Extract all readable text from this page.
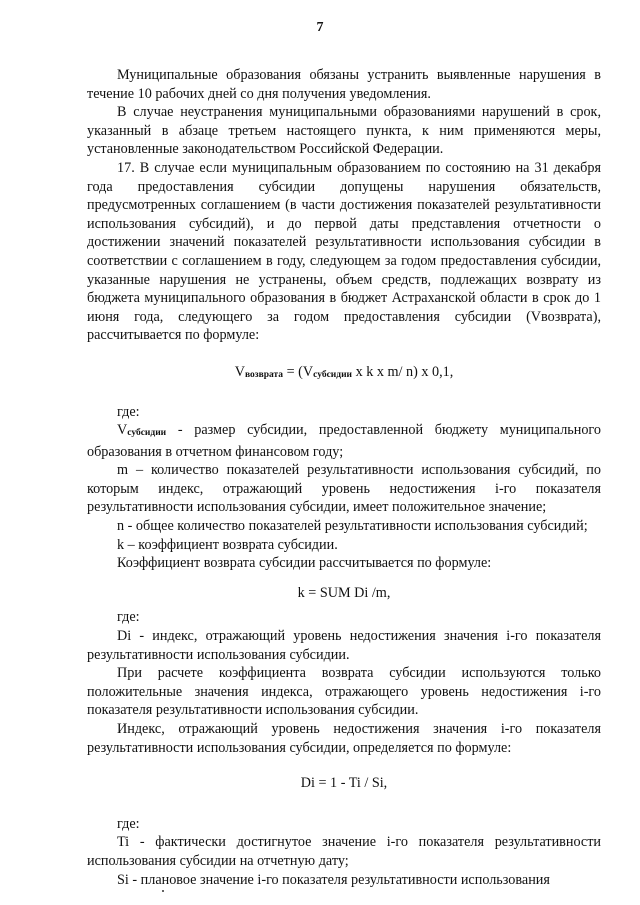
7

Муниципальные образования обязаны устранить выявленные нарушения в течение 10 рабочих дней со дня получения уведомления.

В случае неустранения муниципальными образованиями нарушений в срок, указанный в абзаце третьем настоящего пункта, к ним применяются меры, установленные законодательством Российской Федерации.

17. В случае если муниципальным образованием по состоянию на 31 декабря года предоставления субсидии допущены нарушения обязательств, предусмотренных соглашением (в части достижения показателей результативности использования субсидий), и до первой даты представления отчетности о достижении значений показателей результативности использования субсидии в соответствии с соглашением в году, следующем за годом предоставления субсидии, указанные нарушения не устранены, объем средств, подлежащих возврату из бюджета муниципального образования в бюджет Астраханской области в срок до 1 июня года, следующего за годом предоставления субсидии (Vвозврата), рассчитывается по формуле:

Vвозврата = (Vсубсидии x k x m/ n) x 0,1,

где:

Vсубсидии - размер субсидии, предоставленной бюджету муниципального образования в отчетном финансовом году;

m – количество показателей результативности использования субсидий, по которым индекс, отражающий уровень недостижения i-го показателя результативности использования субсидии, имеет положительное значение;

n - общее количество показателей результативности использования субсидий;

k – коэффициент возврата субсидии.

Коэффициент возврата субсидии рассчитывается по формуле:

k = SUM Di /m,

где:

Di - индекс, отражающий уровень недостижения значения i-го показателя результативности использования субсидии.

При расчете коэффициента возврата субсидии используются только положительные значения индекса, отражающего уровень недостижения i-го показателя результативности использования субсидии.

Индекс, отражающий уровень недостижения значения i-го показателя результативности использования субсидии, определяется по формуле:

Di = 1 - Ti / Si,

где:

Ti - фактически достигнутое значение i-го показателя результативности использования субсидии на отчетную дату;

Si - плановое значение i-го показателя результативности использования
